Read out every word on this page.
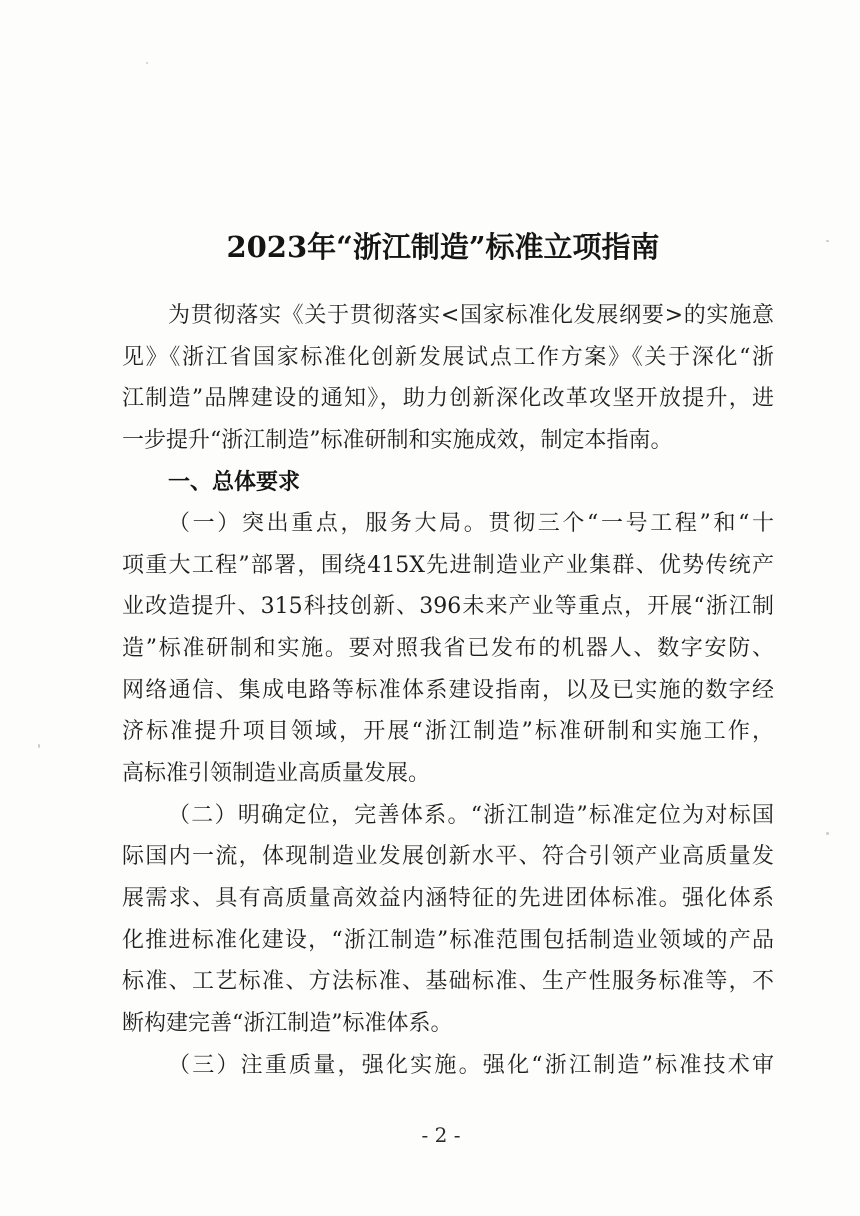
2023年“浙江制造”标准立项指南
为贯彻落实《关于贯彻落实<国家标准化发展纲要>的实施意
见》《浙江省国家标准化创新发展试点工作方案》《关于深化“浙
江制造”品牌建设的通知》，助力创新深化改革攻坚开放提升，进
一步提升“浙江制造”标准研制和实施成效，制定本指南。
一、总体要求
（一）突出重点，服务大局。贯彻三个“一号工程”和“十
项重大工程”部署，围绕415X先进制造业产业集群、优势传统产
业改造提升、315科技创新、396未来产业等重点，开展“浙江制
造”标准研制和实施。要对照我省已发布的机器人、数字安防、
网络通信、集成电路等标准体系建设指南，以及已实施的数字经
济标准提升项目领域，开展“浙江制造”标准研制和实施工作，
高标准引领制造业高质量发展。
（二）明确定位，完善体系。“浙江制造”标准定位为对标国
际国内一流，体现制造业发展创新水平、符合引领产业高质量发
展需求、具有高质量高效益内涵特征的先进团体标准。强化体系
化推进标准化建设，“浙江制造”标准范围包括制造业领域的产品
标准、工艺标准、方法标准、基础标准、生产性服务标准等，不
断构建完善“浙江制造”标准体系。
（三）注重质量，强化实施。强化“浙江制造”标准技术审
- 2 -
